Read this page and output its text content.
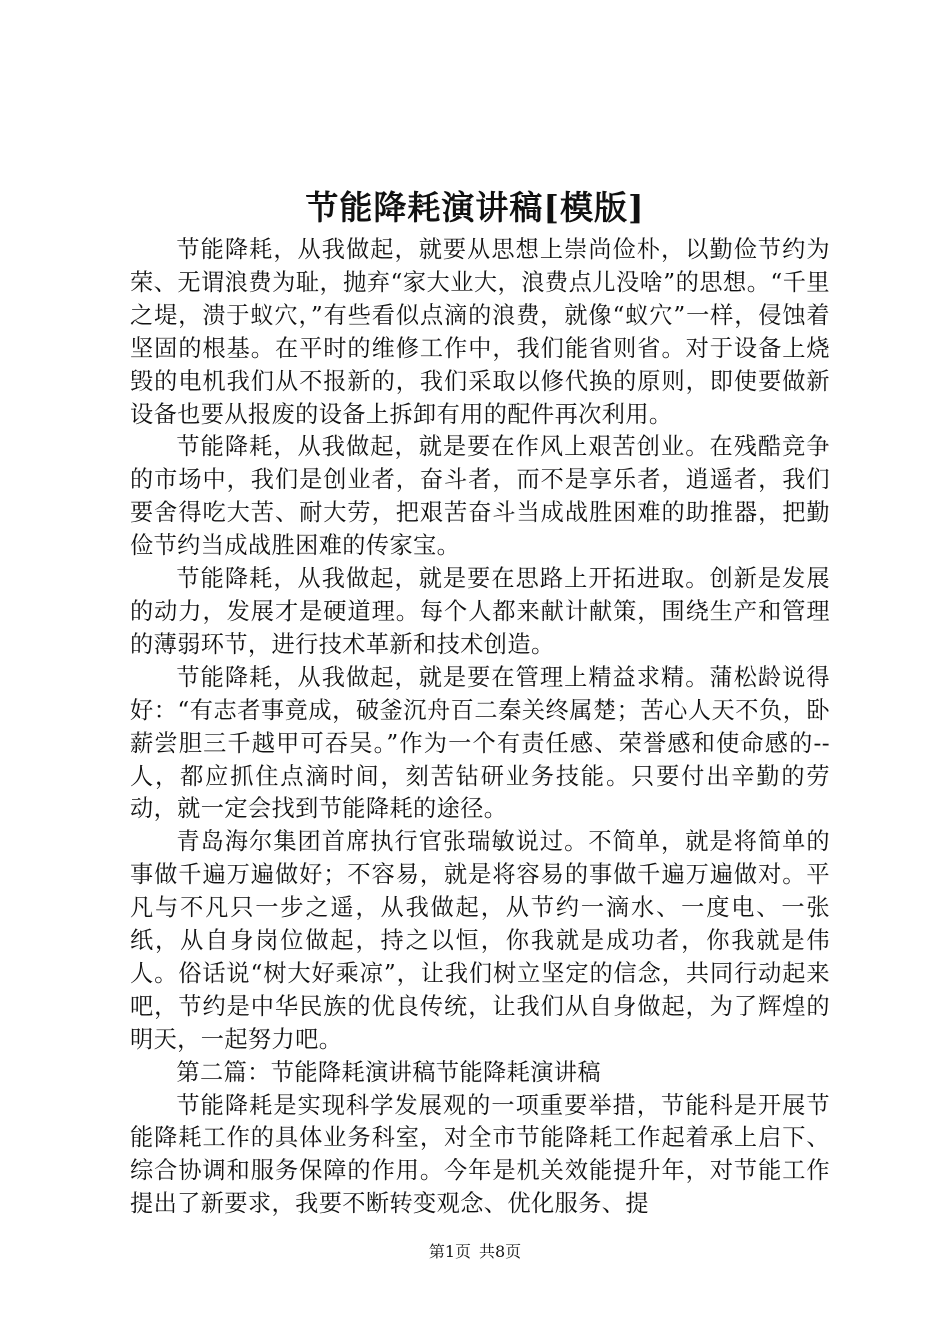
节能降耗演讲稿[模版]

节能降耗，从我做起，就要从思想上崇尚俭朴，以勤俭节约为荣、无谓浪费为耻，抛弃“家大业大，浪费点儿没啥”的思想。“千里之堤，溃于蚁穴，”有些看似点滴的浪费，就像“蚁穴”一样，侵蚀着坚固的根基。在平时的维修工作中，我们能省则省。对于设备上烧毁的电机我们从不报新的，我们采取以修代换的原则，即使要做新设备也要从报废的设备上拆卸有用的配件再次利用。

节能降耗，从我做起，就是要在作风上艰苦创业。在残酷竞争的市场中，我们是创业者，奋斗者，而不是享乐者，逍遥者，我们要舍得吃大苦、耐大劳，把艰苦奋斗当成战胜困难的助推器，把勤俭节约当成战胜困难的传家宝。

节能降耗，从我做起，就是要在思路上开拓进取。创新是发展的动力，发展才是硬道理。每个人都来献计献策，围绕生产和管理的薄弱环节，进行技术革新和技术创造。

节能降耗，从我做起，就是要在管理上精益求精。蒲松龄说得好：“有志者事竟成，破釜沉舟百二秦关终属楚；苦心人天不负，卧薪尝胆三千越甲可吞吴。”作为一个有责任感、荣誉感和使命感的--人，都应抓住点滴时间，刻苦钻研业务技能。只要付出辛勤的劳动，就一定会找到节能降耗的途径。

青岛海尔集团首席执行官张瑞敏说过。不简单，就是将简单的事做千遍万遍做好；不容易，就是将容易的事做千遍万遍做对。平凡与不凡只一步之遥，从我做起，从节约一滴水、一度电、一张纸，从自身岗位做起，持之以恒，你我就是成功者，你我就是伟人。俗话说“树大好乘凉”，让我们树立坚定的信念，共同行动起来吧，节约是中华民族的优良传统，让我们从自身做起，为了辉煌的明天，一起努力吧。

第二篇：节能降耗演讲稿节能降耗演讲稿

节能降耗是实现科学发展观的一项重要举措，节能科是开展节能降耗工作的具体业务科室，对全市节能降耗工作起着承上启下、综合协调和服务保障的作用。今年是机关效能提升年，对节能工作提出了新要求，我要不断转变观念、优化服务、提

第1页 共8页
